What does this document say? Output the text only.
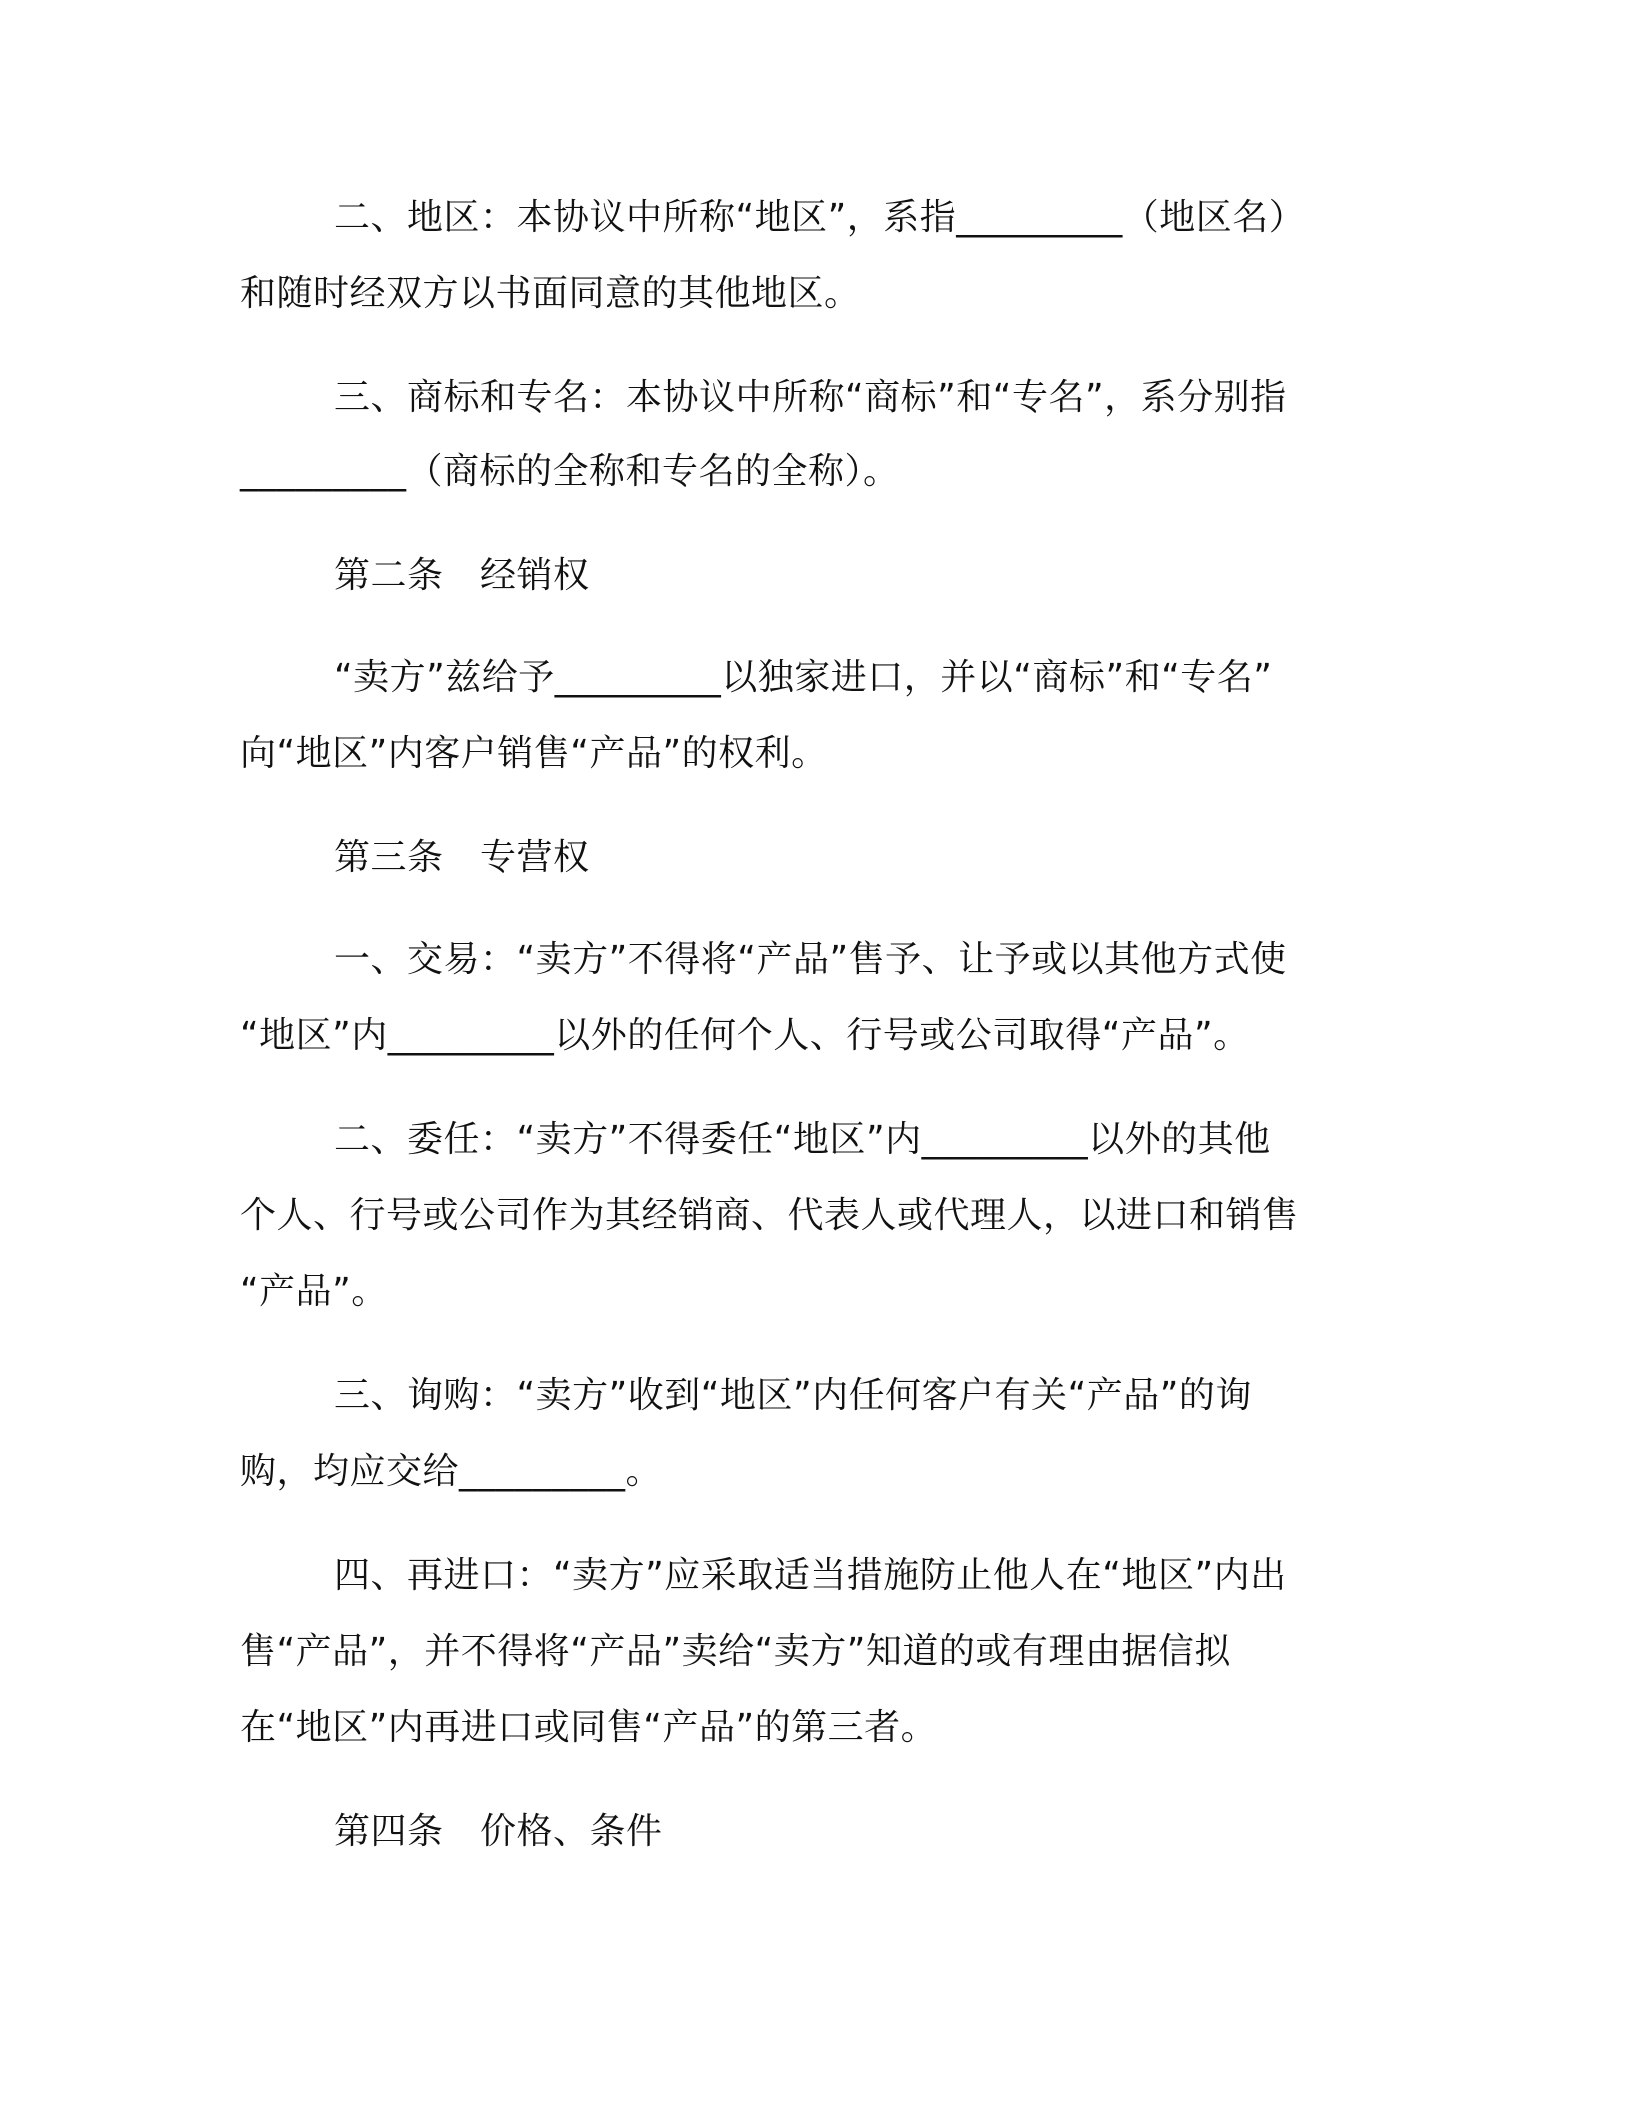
二、地区：本协议中所称“地区”，系指_________（地区名）
和随时经双方以书面同意的其他地区。
三、商标和专名：本协议中所称“商标”和“专名”，系分别指
_________（商标的全称和专名的全称）。
第二条　经销权
“卖方”兹给予_________以独家进口，并以“商标”和“专名”
向“地区”内客户销售“产品”的权利。
第三条　专营权
一、交易：“卖方”不得将“产品”售予、让予或以其他方式使
“地区”内_________以外的任何个人、行号或公司取得“产品”。
二、委任：“卖方”不得委任“地区”内_________以外的其他
个人、行号或公司作为其经销商、代表人或代理人，以进口和销售
“产品”。
三、询购：“卖方”收到“地区”内任何客户有关“产品”的询
购，均应交给_________。
四、再进口：“卖方”应采取适当措施防止他人在“地区”内出
售“产品”，并不得将“产品”卖给“卖方”知道的或有理由据信拟
在“地区”内再进口或同售“产品”的第三者。
第四条　价格、条件
